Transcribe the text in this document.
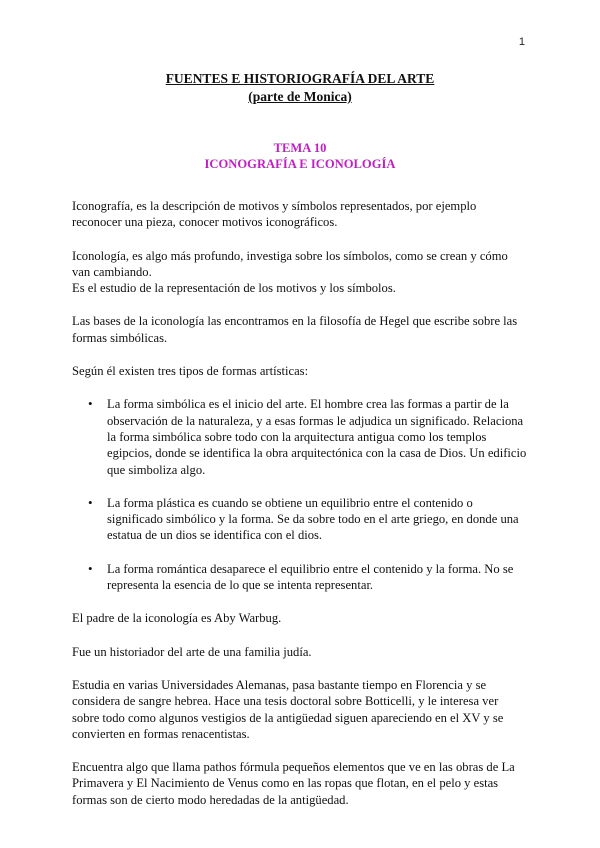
1
FUENTES E HISTORIOGRAFÍA DEL ARTE
(parte de Monica)
TEMA 10
ICONOGRAFÍA E ICONOLOGÍA

Iconografía, es la descripción de motivos y símbolos representados, por ejemplo reconocer una pieza, conocer motivos iconográficos.

Iconología, es algo más profundo, investiga sobre los símbolos, como se crean y cómo van cambiando.
Es el estudio de la representación de los motivos y los símbolos.

Las bases de la iconología las encontramos en la filosofía de Hegel que escribe sobre las formas simbólicas.

Según él existen tres tipos de formas artísticas:

• La forma simbólica es el inicio del arte. El hombre crea las formas a partir de la observación de la naturaleza, y a esas formas le adjudica un significado. Relaciona la forma simbólica sobre todo con la arquitectura antigua como los templos egipcios, donde se identifica la obra arquitectónica con la casa de Dios. Un edificio que simboliza algo.
• La forma plástica es cuando se obtiene un equilibrio entre el contenido o significado simbólico y la forma. Se da sobre todo en el arte griego, en donde una estatua de un dios se identifica con el dios.
• La forma romántica desaparece el equilibrio entre el contenido y la forma. No se representa la esencia de lo que se intenta representar.

El padre de la iconología es Aby Warbug.

Fue un historiador del arte de una familia judía.

Estudia en varias Universidades Alemanas, pasa bastante tiempo en Florencia y se considera de sangre hebrea. Hace una tesis doctoral sobre Botticelli, y le interesa ver sobre todo como algunos vestigios de la antigüedad siguen apareciendo en el XV y se convierten en formas renacentistas.

Encuentra algo que llama pathos fórmula pequeños elementos que ve en las obras de La Primavera y El Nacimiento de Venus como en las ropas que flotan, en el pelo y estas formas son de cierto modo heredadas de la antigüedad.
